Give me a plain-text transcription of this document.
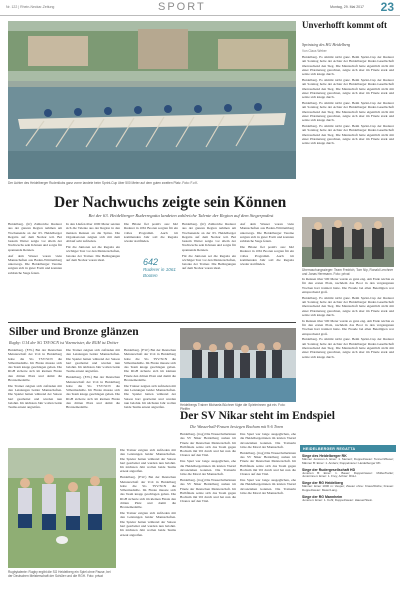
Nr. 122 | Rhein-Neckar-Zeitung	SPORT	Montag, 29. Mai 2017 23
Der Achter des Heidelberger Ruderklubs ganz vorne landete beim Sprint-Cup über 500 Meter auf dem guten zweiten Platz. Foto: F.v.K.
Unverhofft kommt oft
Sprintsieg des HG Heidelberg
Von Claus Weber

Heidelberg. Es stimmt nicht ganz. Beim Sprint-Cup der Ruderer am Sonntag holte der Achter der Heidelberger Ruder-Gesellschaft überraschend den Sieg. Die Mannschaft hatte eigentlich nicht mit einer Platzierung gerechnet, zeigte sich aber im Finale stark und setzte sich knapp durch.

Heidelberg. Es stimmt nicht ganz. Beim Sprint-Cup der Ruderer am Sonntag holte der Achter der Heidelberger Ruder-Gesellschaft überraschend den Sieg. Die Mannschaft hatte eigentlich nicht mit einer Platzierung gerechnet, zeigte sich aber im Finale stark und setzte sich knapp durch.

Heidelberg. Es stimmt nicht ganz. Beim Sprint-Cup der Ruderer am Sonntag holte der Achter der Heidelberger Ruder-Gesellschaft überraschend den Sieg. Die Mannschaft hatte eigentlich nicht mit einer Platzierung gerechnet, zeigte sich aber im Finale stark und setzte sich knapp durch.

Heidelberg. Es stimmt nicht ganz. Beim Sprint-Cup der Ruderer am Sonntag holte der Achter der Heidelberger Ruder-Gesellschaft überraschend den Sieg. Die Mannschaft hatte eigentlich nicht mit einer Platzierung gerechnet, zeigte sich aber im Finale stark und setzte sich knapp durch.

Überraschungssieger: Team Fredrich, Tom Nip, Ronald Lerchner und Jonas Herrmann. Foto: privat

In Rennen über 500 Meter wurde es ganz eng. Am Ende reichte es für den ersten Platz, nachdem das Boot in den vergangenen Wochen hart trainiert hatte. Die Freude bei allen Beteiligten war entsprechend groß.

Heidelberg. Es stimmt nicht ganz. Beim Sprint-Cup der Ruderer am Sonntag holte der Achter der Heidelberger Ruder-Gesellschaft überraschend den Sieg. Die Mannschaft hatte eigentlich nicht mit einer Platzierung gerechnet, zeigte sich aber im Finale stark und setzte sich knapp durch.

In Rennen über 500 Meter wurde es ganz eng. Am Ende reichte es für den ersten Platz, nachdem das Boot in den vergangenen Wochen hart trainiert hatte. Die Freude bei allen Beteiligten war entsprechend groß.

Heidelberg. Es stimmt nicht ganz. Beim Sprint-Cup der Ruderer am Sonntag holte der Achter der Heidelberger Ruder-Gesellschaft überraschend den Sieg. Die Mannschaft hatte eigentlich nicht mit einer Platzierung gerechnet, zeigte sich aber im Finale stark und setzte sich knapp durch.

Der Nachwuchs zeigte sein Können
Bei der 63. Heidelberger Ruderregatta landeten zahlreiche Talente der Region auf dem Siegerpodest

Heidelberg. (hJ) Zahlreiche Ruderer aus der ganzen Region nahmen am Wochenende an der 63. Heidelberger Regatta auf dem Neckar teil. Bei bestem Wetter zeigte vor allem der Nachwuchs sein Können und sorgte für spannende Rennen.

Auf dem Wasser waren viele Mannschaften aus Baden-Württemberg unterwegs. Die Heidelberger Vereine zeigten sich in guter Form und konnten zahlreiche Siege feiern.

In den Läufen über 1000 Meter setzten sich die Talente aus der Region in den meisten Rennen an die Spitze. Die Organisatoren zeigten sich mit dem Ablauf sehr zufrieden.

Für die Junioren sei die Regatta ein wichtiger Test vor den Meisterschaften, betonte der Trainer. Die Bedingungen auf dem Neckar waren ideal.

Die Bilanz fiel positiv aus: 642 Ruderer in 1061 Booten sorgten für ein volles Programm. Auch im kommenden Jahr soll die Regatta wieder stattfinden.

642
Ruderer in 1061 Booten

Heidelberg. (hJ) Zahlreiche Ruderer aus der ganzen Region nahmen am Wochenende an der 63. Heidelberger Regatta auf dem Neckar teil. Bei bestem Wetter zeigte vor allem der Nachwuchs sein Können und sorgte für spannende Rennen.

Für die Junioren sei die Regatta ein wichtiger Test vor den Meisterschaften, betonte der Trainer. Die Bedingungen auf dem Neckar waren ideal.

Auf dem Wasser waren viele Mannschaften aus Baden-Württemberg unterwegs. Die Heidelberger Vereine zeigten sich in guter Form und konnten zahlreiche Siege feiern.

Die Bilanz fiel positiv aus: 642 Ruderer in 1061 Booten sorgten für ein volles Programm. Auch im kommenden Jahr soll die Regatta wieder stattfinden.

Silber und Bronze glänzen
Rugby: U14 der SG TSV/SCN ist Vizemeister, die RGH ist Dritter

Heidelberg. (F.W.) Bei der Deutschen Meisterschaft der U14 in Heidelberg holte die SG TSV/SCN die Silbermedaille. Im Finale musste sich das Team knapp geschlagen geben. Die RGH sicherte sich im kleinen Finale den dritten Platz und damit die Bronzemedaille.

Die Trainer zeigten sich zufrieden mit den Leistungen beider Mannschaften. Die Spieler hatten während der Saison hart gearbeitet und wurden nun belohnt. Im nächsten Jahr wollen beide Teams erneut angreifen.

Die Trainer zeigten sich zufrieden mit den Leistungen beider Mannschaften. Die Spieler hatten während der Saison hart gearbeitet und wurden nun belohnt. Im nächsten Jahr wollen beide Teams erneut angreifen.

Heidelberg. (F.W.) Bei der Deutschen Meisterschaft der U14 in Heidelberg holte die SG TSV/SCN die Silbermedaille. Im Finale musste sich das Team knapp geschlagen geben. Die RGH sicherte sich im kleinen Finale den dritten Platz und damit die Bronzemedaille.

Heidelberg. (F.W.) Bei der Deutschen Meisterschaft der U14 in Heidelberg holte die SG TSV/SCN die Silbermedaille. Im Finale musste sich das Team knapp geschlagen geben. Die RGH sicherte sich im kleinen Finale den dritten Platz und damit die Bronzemedaille.

Die Trainer zeigten sich zufrieden mit den Leistungen beider Mannschaften. Die Spieler hatten während der Saison hart gearbeitet und wurden nun belohnt. Im nächsten Jahr wollen beide Teams erneut angreifen.

Rugbytalente: Rugby ergibt die SG Heidelberg ein Spiel ohne Pause, bei der Deutschen Meisterschaft der Schüler und die RGH. Foto: privat

Die Trainer zeigten sich zufrieden mit den Leistungen beider Mannschaften. Die Spieler hatten während der Saison hart gearbeitet und wurden nun belohnt. Im nächsten Jahr wollen beide Teams erneut angreifen.

Heidelberg. (F.W.) Bei der Deutschen Meisterschaft der U14 in Heidelberg holte die SG TSV/SCN die Silbermedaille. Im Finale musste sich das Team knapp geschlagen geben. Die RGH sicherte sich im kleinen Finale den dritten Platz und damit die Bronzemedaille.

Die Trainer zeigten sich zufrieden mit den Leistungen beider Mannschaften. Die Spieler hatten während der Saison hart gearbeitet und wurden nun belohnt. Im nächsten Jahr wollen beide Teams erneut angreifen.

Heidelbergs Trainer Michaela Büchner fügte die Spielerinnen gut ein. Foto: Pfeiffer
Der SV Nikar steht im Endspiel
Die Wasserball-Frauen besiegen Bochum mit 9:6 Toren

Heidelberg. (trog) Die Wasserballerinnen des SV Nikar Heidelberg stehen im Finale der Deutschen Meisterschaft. Im Halbfinale setzte sich das Team gegen Bochum mit 9:6 durch und hat nun die Chance auf den Titel.

Das Spiel war lange ausgeglichen, ehe die Heidelbergerinnen im letzten Viertel davonziehen konnten. Die Trainerin lobte die Moral der Mannschaft.

Heidelberg. (trog) Die Wasserballerinnen des SV Nikar Heidelberg stehen im Finale der Deutschen Meisterschaft. Im Halbfinale setzte sich das Team gegen Bochum mit 9:6 durch und hat nun die Chance auf den Titel.

Das Spiel war lange ausgeglichen, ehe die Heidelbergerinnen im letzten Viertel davonziehen konnten. Die Trainerin lobte die Moral der Mannschaft.

Heidelberg. (trog) Die Wasserballerinnen des SV Nikar Heidelberg stehen im Finale der Deutschen Meisterschaft. Im Halbfinale setzte sich das Team gegen Bochum mit 9:6 durch und hat nun die Chance auf den Titel.

Das Spiel war lange ausgeglichen, ehe die Heidelbergerinnen im letzten Viertel davonziehen konnten. Die Trainerin lobte die Moral der Mannschaft.

HEIDELBERGER REGATTA
Siege des Heidelberger RK
Männer Junioren A: Einer: 1. Steinert; Doppelzweier: Tenner/Wieser; Männer B: Einer: 1. Anders; Doppelvierer: Heidelberger RK.
Siege der Rudergesellschaft HD
Junioren B: Einer: 1. Bauer; Doppelzweier: Müller/Keller; Juniorinnen: Einer: 1. Frey; Achter: RGH.
Siege der RG Heidelberg
Männer: Einer 1000 m: Vesper; Zweier ohne: Kraus/Rothe; Frauen: Doppelzweier: Meier/Lang.
Siege der RG Mannheim
Junioren: Einer: 1. Kohl; Doppelzweier: Hauser/Stein.
